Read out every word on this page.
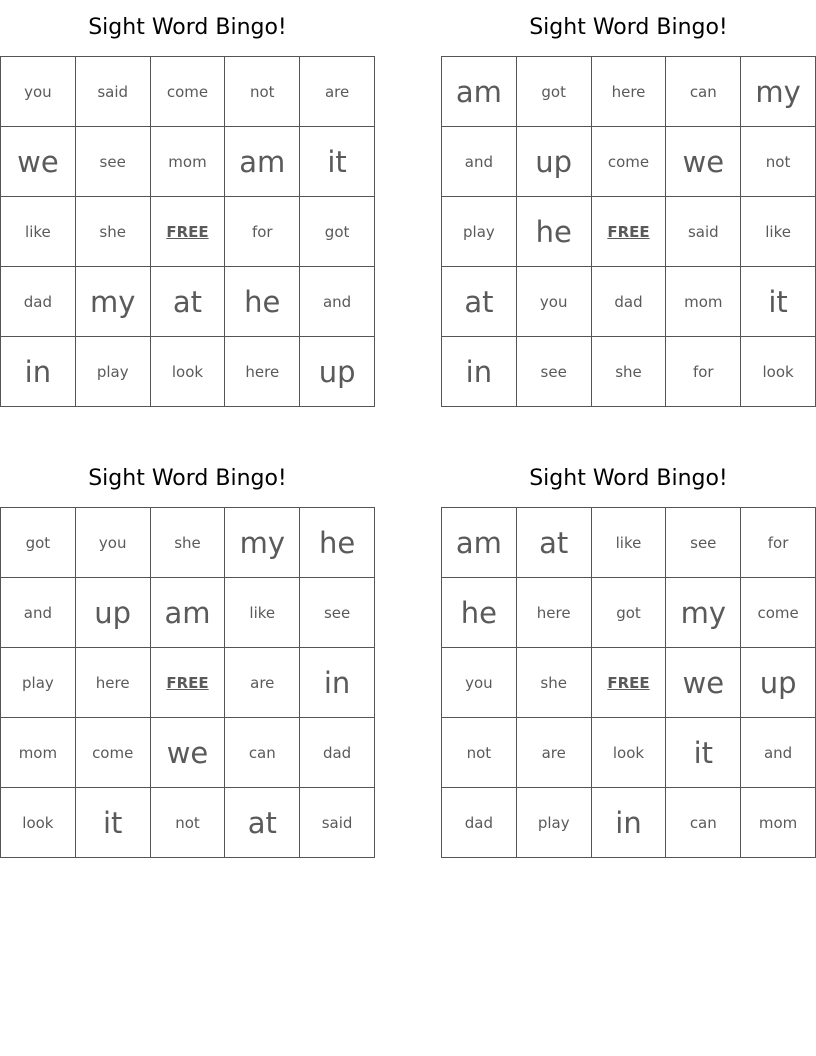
Sight Word Bingo!
you	said	come	not	are
we	see	mom	am	it
like	she	FREE	for	got
dad	my	at	he	and
in	play	look	here	up
Sight Word Bingo!
am	got	here	can	my
and	up	come	we	not
play	he	FREE	said	like
at	you	dad	mom	it
in	see	she	for	look
Sight Word Bingo!
got	you	she	my	he
and	up	am	like	see
play	here	FREE	are	in
mom	come	we	can	dad
look	it	not	at	said
Sight Word Bingo!
am	at	like	see	for
he	here	got	my	come
you	she	FREE	we	up
not	are	look	it	and
dad	play	in	can	mom
